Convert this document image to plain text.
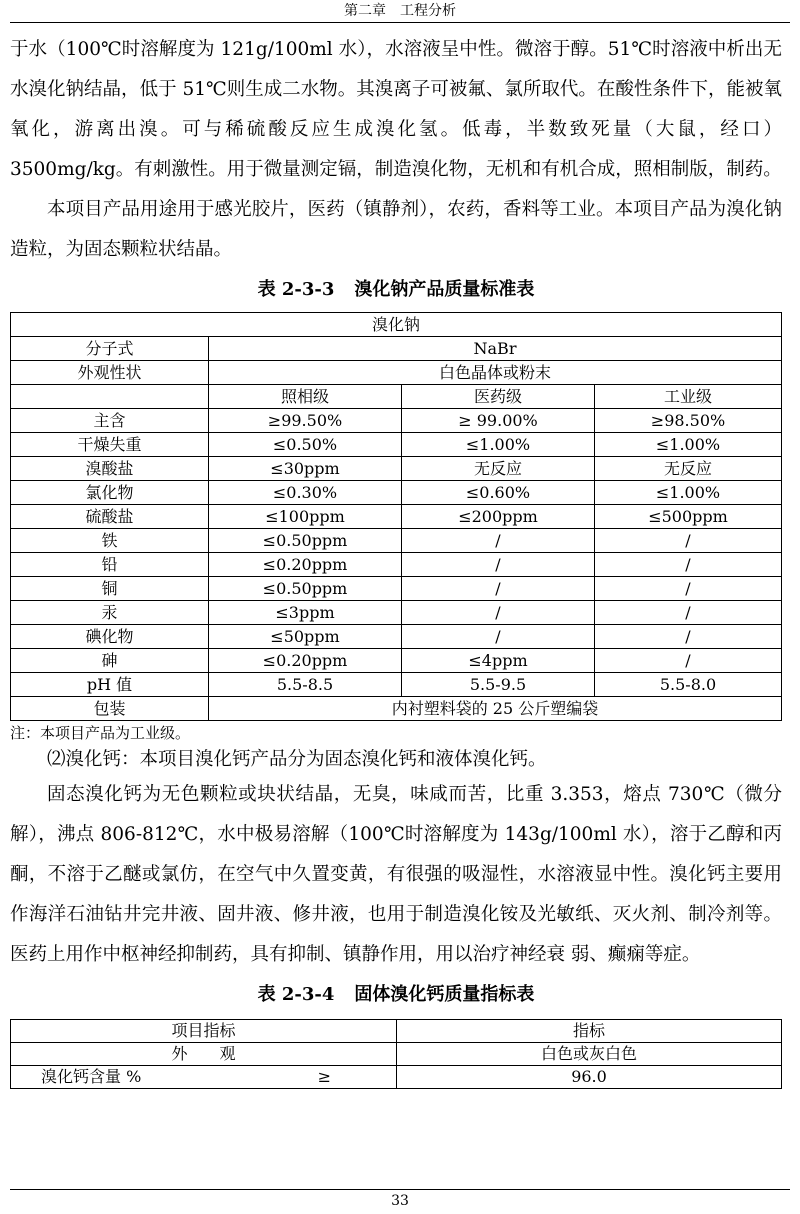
第二章 工程分析

于水（100℃时溶解度为 121g/100ml 水），水溶液呈中性。微溶于醇。51℃时溶液中析出无水溴化钠结晶，低于 51℃则生成二水物。其溴离子可被氟、氯所取代。在酸性条件下，能被氧氧化，游离出溴。可与稀硫酸反应生成溴化氢。低毒，半数致死量（大鼠，经口）3500mg/kg。有刺激性。用于微量测定镉，制造溴化物，无机和有机合成，照相制版，制药。

本项目产品用途用于感光胶片，医药（镇静剂），农药，香料等工业。本项目产品为溴化钠造粒，为固态颗粒状结晶。

表 2-3-3 溴化钠产品质量标准表

溴化钠			
分子式	NaBr		
外观性状	白色晶体或粉末		
	照相级	医药级	工业级
主含	≥99.50%	≥ 99.00%	≥98.50%
干燥失重	≤0.50%	≤1.00%	≤1.00%
溴酸盐	≤30ppm	无反应	无反应
氯化物	≤0.30%	≤0.60%	≤1.00%
硫酸盐	≤100ppm	≤200ppm	≤500ppm
铁	≤0.50ppm	/	/
铅	≤0.20ppm	/	/
铜	≤0.50ppm	/	/
汞	≤3ppm	/	/
碘化物	≤50ppm	/	/
砷	≤0.20ppm	≤4ppm	/
pH 值	5.5-8.5	5.5-9.5	5.5-8.0
包装	内衬塑料袋的 25 公斤塑编袋		

注：本项目产品为工业级。

⑵溴化钙：本项目溴化钙产品分为固态溴化钙和液体溴化钙。

固态溴化钙为无色颗粒或块状结晶，无臭，味咸而苦，比重 3.353，熔点 730℃（微分解），沸点 806-812℃，水中极易溶解（100℃时溶解度为 143g/100ml 水），溶于乙醇和丙酮，不溶于乙醚或氯仿，在空气中久置变黄，有很强的吸湿性，水溶液显中性。溴化钙主要用作海洋石油钻井完井液、固井液、修井液，也用于制造溴化铵及光敏纸、灭火剂、制冷剂等。医药上用作中枢神经抑制药，具有抑制、镇静作用，用以治疗神经衰 弱、癫痫等症。

表 2-3-4 固体溴化钙质量指标表

项目指标	指标
外　　观	白色或灰白色
溴化钙含量 % ≥	96.0
33
